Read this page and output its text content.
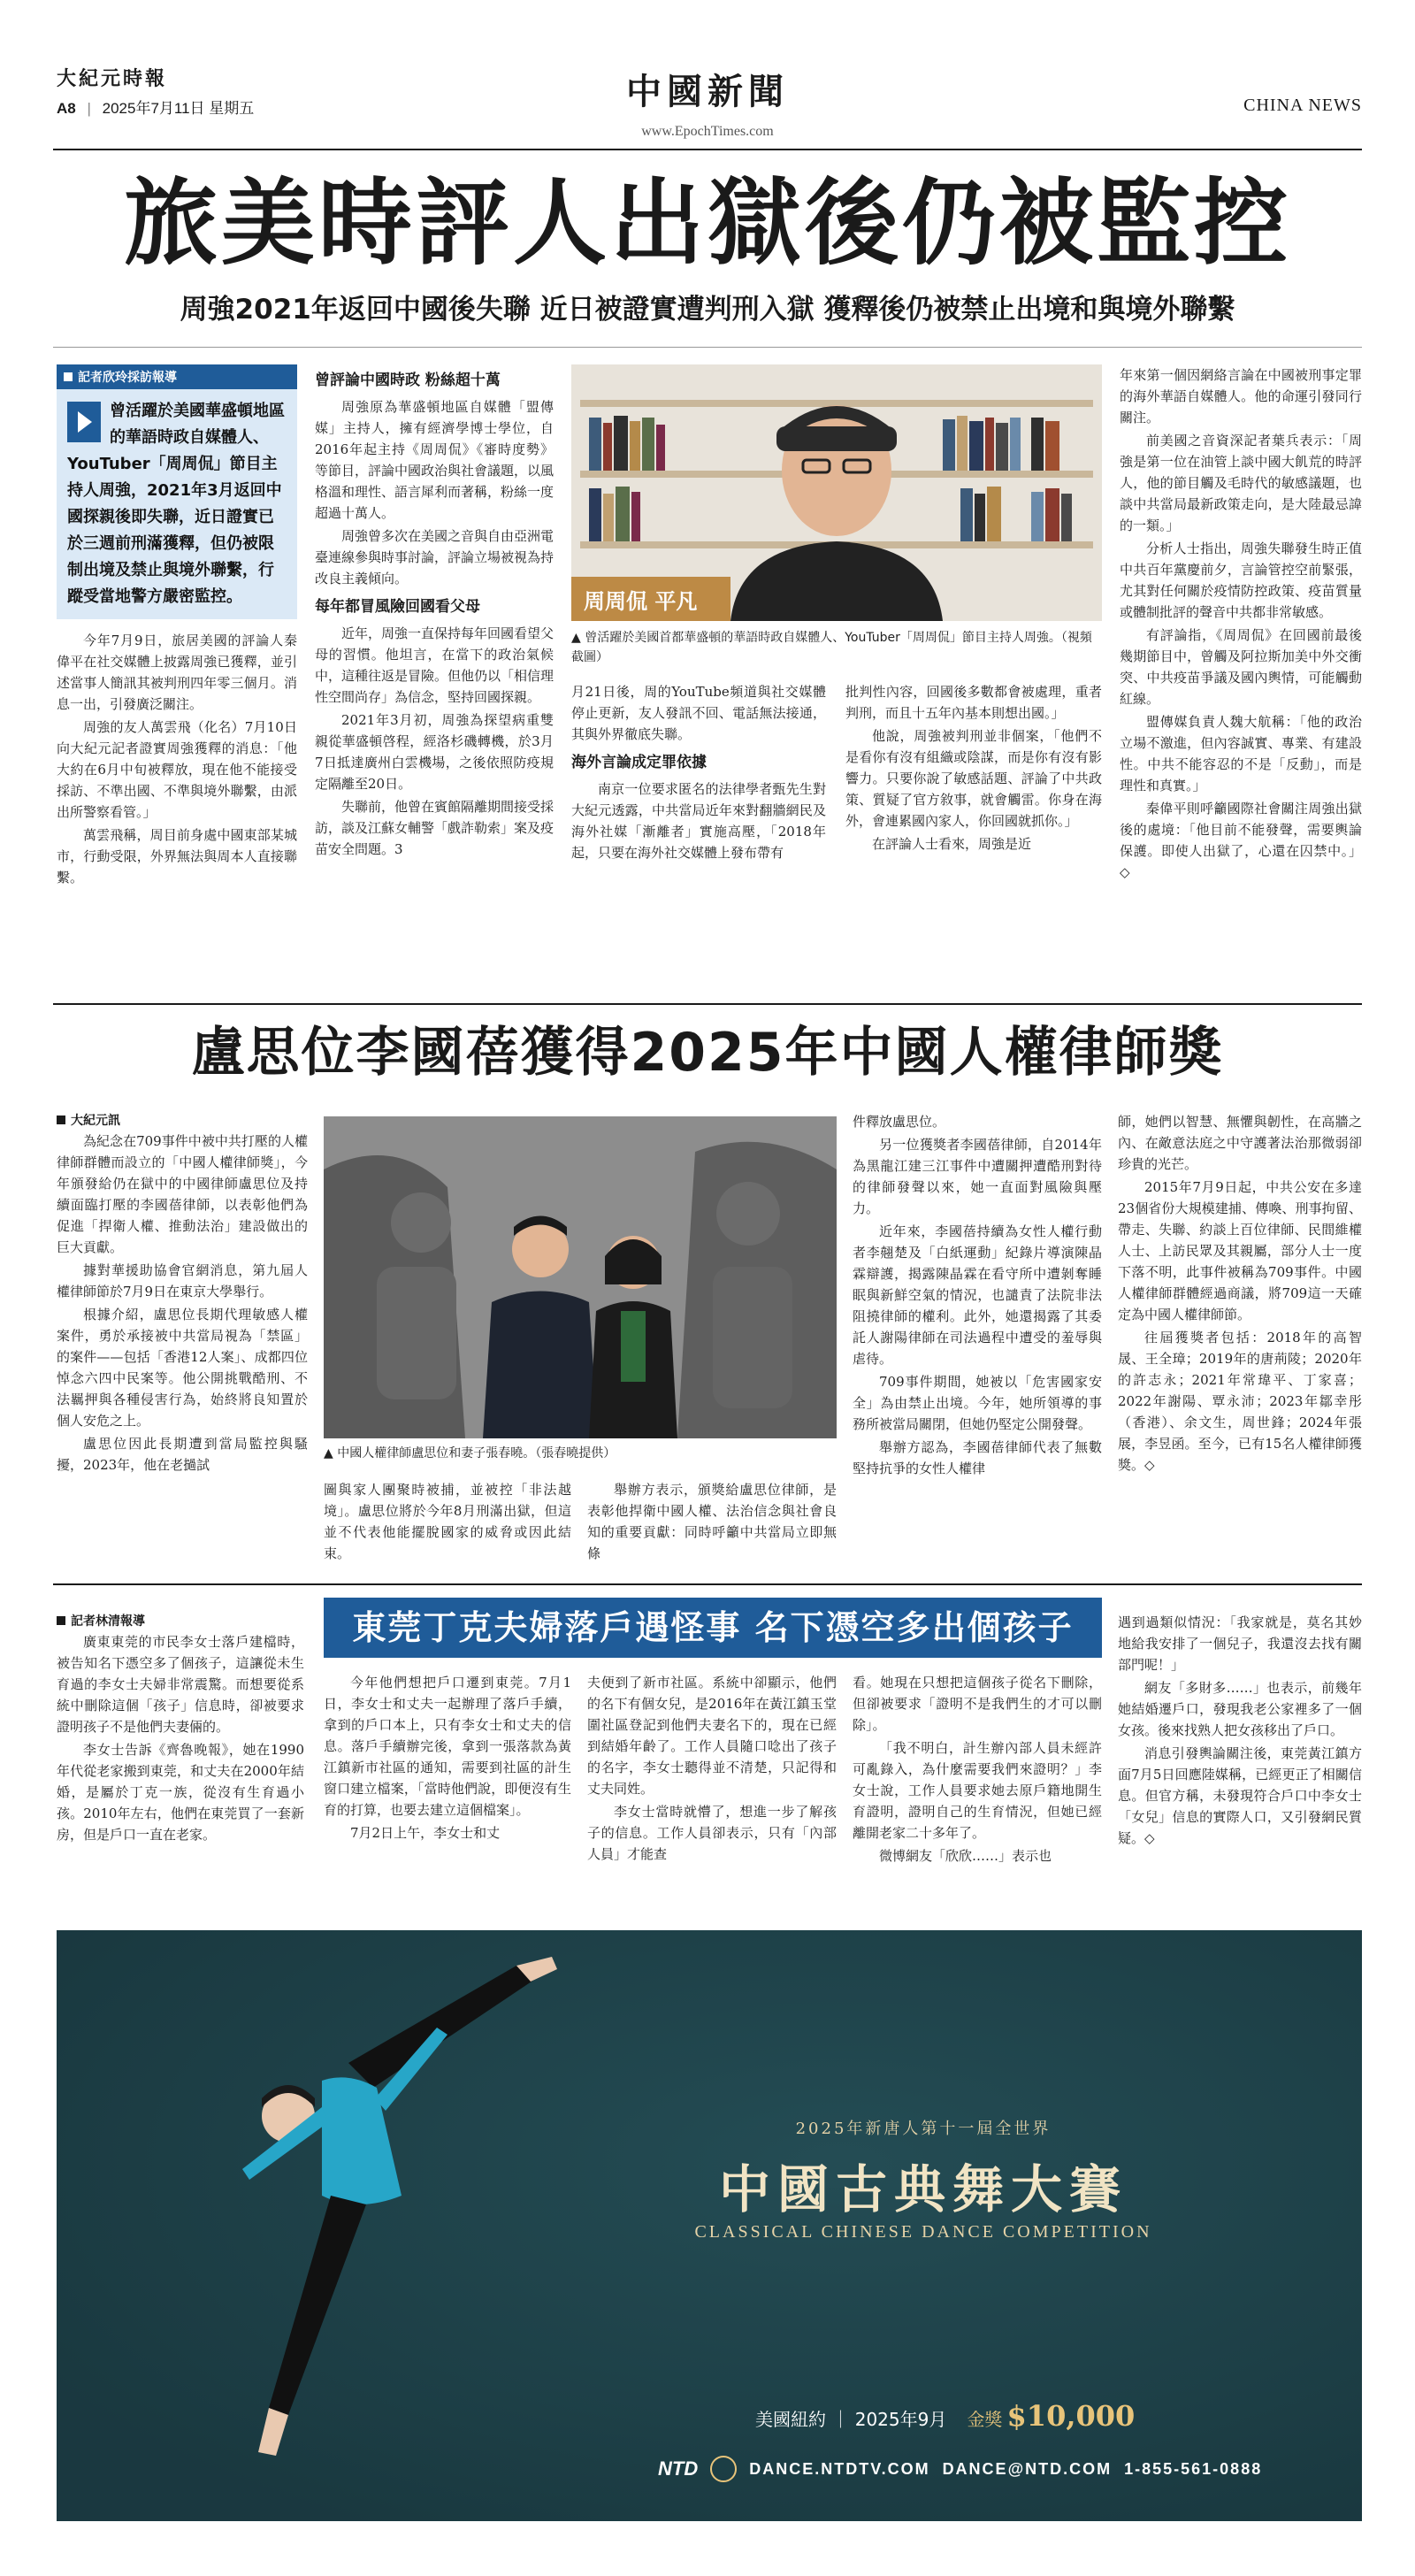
大紀元時報
A8 | 2025年7月11日 星期五	中國新聞
www.EpochTimes.com
CHINA NEWS
旅美時評人出獄後仍被監控
周強2021年返回中國後失聯 近日被證實遭判刑入獄 獲釋後仍被禁止出境和與境外聯繫
記者欣玲採訪報導
曾活躍於美國華盛頓地區的華語時政自媒體人、YouTuber「周周侃」節目主持人周強，2021年3月返回中國探親後即失聯，近日證實已於三週前刑滿獲釋，但仍被限制出境及禁止與境外聯繫，行蹤受當地警方嚴密監控。

今年7月9日，旅居美國的評論人秦偉平在社交媒體上披露周強已獲釋，並引述當事人簡訊其被判刑四年零三個月。消息一出，引發廣泛關注。

周強的友人萬雲飛（化名）7月10日向大紀元記者證實周強獲釋的消息：「他大約在6月中旬被釋放，現在他不能接受採訪、不準出國、不準與境外聯繫，由派出所警察看管。」

萬雲飛稱，周目前身處中國東部某城市，行動受限，外界無法與周本人直接聯繫。

曾評論中國時政 粉絲超十萬

周強原為華盛頓地區自媒體「盟傳媒」主持人，擁有經濟學博士學位，自2016年起主持《周周侃》《審時度勢》等節目，評論中國政治與社會議題，以風格溫和理性、語言犀利而著稱，粉絲一度超過十萬人。

周強曾多次在美國之音與自由亞洲電臺連線參與時事討論，評論立場被視為持改良主義傾向。

每年都冒風險回國看父母

近年，周強一直保持每年回國看望父母的習慣。他坦言，在當下的政治氣候中，這種往返是冒險。但他仍以「相信理性空間尚存」為信念，堅持回國探親。

2021年3月初，周強為探望病重雙親從華盛頓啓程，經洛杉磯轉機，於3月7日抵達廣州白雲機場，之後依照防疫規定隔離至20日。

失聯前，他曾在賓館隔離期間接受採訪，談及江蘇女輔警「戲詐勒索」案及疫苗安全問題。3

周周侃 平凡
▲ 曾活躍於美國首都華盛頓的華語時政自媒體人、YouTuber「周周侃」節目主持人周強。（視頻截圖）

月21日後，周的YouTube頻道與社交媒體停止更新，友人發訊不回、電話無法接通，其與外界徹底失聯。

海外言論成定罪依據

南京一位要求匿名的法律學者甄先生對大紀元透露，中共當局近年來對翻牆網民及海外社媒「漸離者」實施高壓，「2018年起，只要在海外社交媒體上發布帶有

批判性內容，回國後多數都會被處理，重者判刑，而且十五年內基本則想出國。」

他說，周強被判刑並非個案，「他們不是看你有沒有組織或陰謀，而是你有沒有影響力。只要你說了敏感話題、評論了中共政策、質疑了官方敘事，就會觸雷。你身在海外，會連累國內家人，你回國就抓你。」

在評論人士看來，周強是近

年來第一個因網絡言論在中國被刑事定罪的海外華語自媒體人。他的命運引發同行關注。

前美國之音資深記者葉兵表示：「周強是第一位在油管上談中國大飢荒的時評人，他的節目觸及毛時代的敏感議題，也談中共當局最新政策走向，是大陸最忌諱的一類。」

分析人士指出，周強失聯發生時正值中共百年黨慶前夕，言論管控空前緊張，尤其對任何關於疫情防控政策、疫苗質量或體制批評的聲音中共都非常敏感。

有評論指，《周周侃》在回國前最後幾期節目中，曾觸及阿拉斯加美中外交衝突、中共疫苗爭議及國內輿情，可能觸動紅線。

盟傳媒負責人魏大航稱：「他的政治立場不激進，但內容誠實、專業、有建設性。中共不能容忍的不是「反動」，而是理性和真實。」

秦偉平則呼籲國際社會關注周強出獄後的處境：「他目前不能發聲，需要輿論保護。即使人出獄了，心還在囚禁中。」◇

盧思位李國蓓獲得2025年中國人權律師獎
大紀元訊

為紀念在709事件中被中共打壓的人權律師群體而設立的「中國人權律師獎」，今年頒發給仍在獄中的中國律師盧思位及持續面臨打壓的李國蓓律師，以表彰他們為促進「捍衛人權、推動法治」建設做出的巨大貢獻。

據對華援助協會官網消息，第九屆人權律師節於7月9日在東京大學舉行。

根據介紹，盧思位長期代理敏感人權案件，勇於承接被中共當局視為「禁區」的案件——包括「香港12人案」、成都四位悼念六四中民案等。他公開挑戰酷刑、不法羈押與各種侵害行為，始終將良知置於個人安危之上。

盧思位因此長期遭到當局監控與騷擾，2023年，他在老撾試

▲ 中國人權律師盧思位和妻子張春曉。（張春曉提供）

圖與家人團聚時被捕，並被控「非法越境」。盧思位將於今年8月刑滿出獄，但這並不代表他能擺脫國家的威脅或因此結束。

舉辦方表示，頒獎給盧思位律師，是表彰他捍衛中國人權、法治信念與社會良知的重要貢獻：同時呼籲中共當局立即無條

件釋放盧思位。

另一位獲獎者李國蓓律師，自2014年為黑龍江建三江事件中遭關押遭酷刑對待的律師發聲以來，她一直面對風險與壓力。

近年來，李國蓓持續為女性人權行動者李翹楚及「白紙運動」紀錄片導演陳晶霖辯護，揭露陳晶霖在看守所中遭剝奪睡眠與新鮮空氣的情況，也譴責了法院非法阻撓律師的權利。此外，她還揭露了其委託人謝陽律師在司法過程中遭受的羞辱與虐待。

709事件期間，她被以「危害國家安全」為由禁止出境。今年，她所領導的事務所被當局關閉，但她仍堅定公開發聲。

舉辦方認為，李國蓓律師代表了無數堅持抗爭的女性人權律

師，她們以智慧、無懼與韌性，在高牆之內、在敵意法庭之中守護著法治那微弱卻珍貴的光芒。

2015年7月9日起，中共公安在多達23個省份大規模建捕、傳喚、刑事拘留、帶走、失聯、約談上百位律師、民間維權人士、上訪民眾及其親屬，部分人士一度下落不明，此事件被稱為709事件。中國人權律師群體經過商議，將709這一天確定為中國人權律師節。

往屆獲獎者包括：2018年的高智晟、王全璋；2019年的唐荊陵；2020年的許志永；2021年常瑋平、丁家喜；2022年謝陽、覃永沛；2023年鄒幸彤（香港）、余文生，周世鋒；2024年張展，李昱函。至今，已有15名人權律師獲獎。◇

記者林清報導

廣東東莞的市民李女士落戶建檔時，被告知名下憑空多了個孩子，這讓從未生育過的李女士夫婦非常震驚。而想要從系統中刪除這個「孩子」信息時，卻被要求證明孩子不是他們夫妻倆的。

李女士告訴《齊魯晚報》，她在1990年代從老家搬到東莞，和丈夫在2000年結婚，是屬於丁克一族，從沒有生育過小孩。2010年左右，他們在東莞買了一套新房，但是戶口一直在老家。

東莞丁克夫婦落戶遇怪事 名下憑空多出個孩子

今年他們想把戶口遷到東莞。7月1日，李女士和丈夫一起辦理了落戶手續，拿到的戶口本上，只有李女士和丈夫的信息。落戶手續辦完後，拿到一張落款為黃江鎮新市社區的通知，需要到社區的計生窗口建立檔案，「當時他們說，即便沒有生育的打算，也要去建立這個檔案」。

7月2日上午，李女士和丈

夫便到了新市社區。系統中卻顯示，他們的名下有個女兒，是2016年在黃江鎮玉堂圍社區登記到他們夫妻名下的，現在已經到結婚年齡了。工作人員隨口唸出了孩子的名字，李女士聽得並不清楚，只記得和丈夫同姓。

李女士當時就懵了，想進一步了解孩子的信息。工作人員卻表示，只有「內部人員」才能查

看。她現在只想把這個孩子從名下刪除，但卻被要求「證明不是我們生的才可以刪除」。

「我不明白，計生辦內部人員未經許可亂錄入，為什麼需要我們來證明？」李女士說，工作人員要求她去原戶籍地開生育證明，證明自己的生育情況，但她已經離開老家二十多年了。

微博網友「欣欣……」表示也

遇到過類似情況：「我家就是，莫名其妙地給我安排了一個兒子，我還沒去找有關部門呢！」

網友「多財多……」也表示，前幾年她結婚遷戶口，發現我老公家裡多了一個女孩。後來找熟人把女孩移出了戶口。

消息引發輿論關注後，東莞黃江鎮方面7月5日回應陸媒稱，已經更正了相關信息。但官方稱，未發現符合戶口中李女士「女兒」信息的實際人口，又引發網民質疑。◇

2025年新唐人第十一屆全世界
中國古典舞大賽
CLASSICAL CHINESE DANCE COMPETITION
美國紐約 ｜ 2025年9月 金獎 $10,000
NTD	DANCE.NTDTV.COM DANCE@NTD.COM 1-855-561-0888
